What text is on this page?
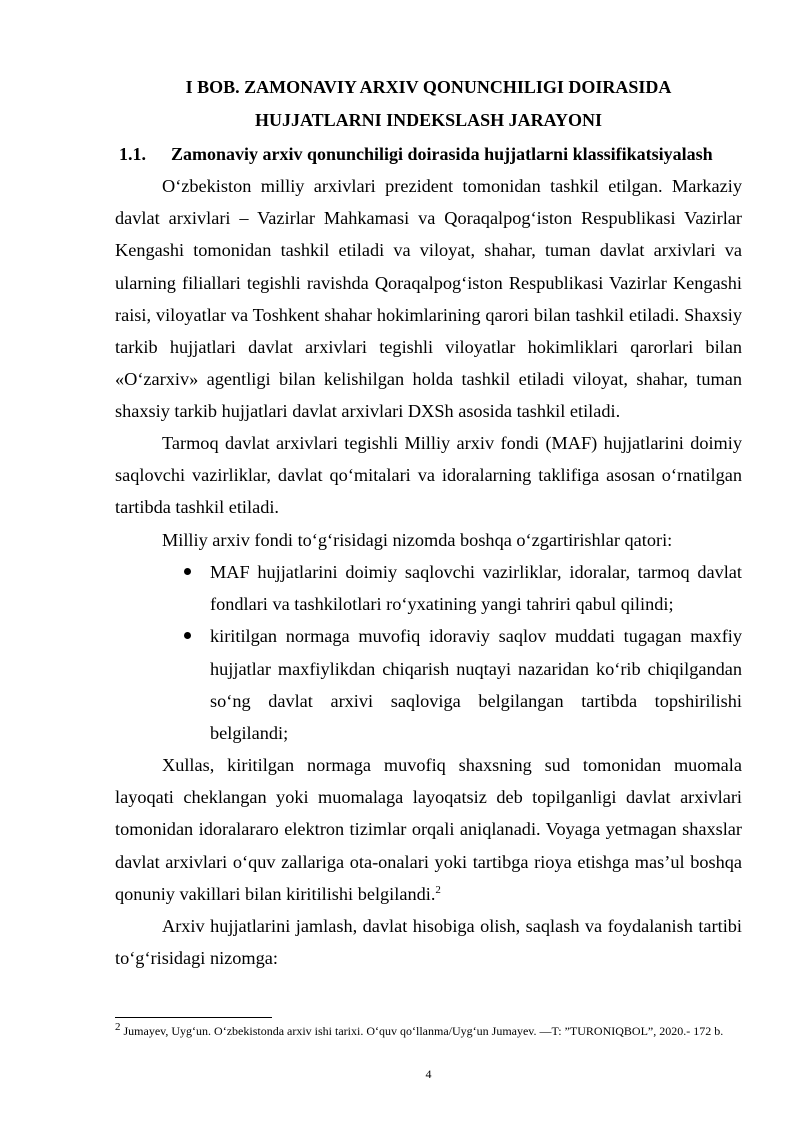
I BOB. ZAMONAVIY ARXIV QONUNCHILIGI DOIRASIDA
HUJJATLARNI INDEKSLASH JARAYONI
1.1. Zamonaviy arxiv qonunchiligi doirasida hujjatlarni klassifikatsiyalash

O‘zbekiston milliy arxivlari prezident tomonidan tashkil etilgan. Markaziy davlat arxivlari – Vazirlar Mahkamasi va Qoraqalpog‘iston Respublikasi Vazirlar Kengashi tomonidan tashkil etiladi va viloyat, shahar, tuman davlat arxivlari va ularning filiallari tegishli ravishda Qoraqalpog‘iston Respublikasi Vazirlar Kengashi raisi, viloyatlar va Toshkent shahar hokimlarining qarori bilan tashkil etiladi. Shaxsiy tarkib hujjatlari davlat arxivlari tegishli viloyatlar hokimliklari qarorlari bilan «O‘zarxiv» agentligi bilan kelishilgan holda tashkil etiladi viloyat, shahar, tuman shaxsiy tarkib hujjatlari davlat arxivlari DXSh asosida tashkil etiladi.

Tarmoq davlat arxivlari tegishli Milliy arxiv fondi (MAF) hujjatlarini doimiy saqlovchi vazirliklar, davlat qo‘mitalari va idoralarning taklifiga asosan o‘rnatilgan tartibda tashkil etiladi.

Milliy arxiv fondi to‘g‘risidagi nizomda boshqa o‘zgartirishlar qatori:

MAF hujjatlarini doimiy saqlovchi vazirliklar, idoralar, tarmoq davlat fondlari va tashkilotlari ro‘yxatining yangi tahriri qabul qilindi;
kiritilgan normaga muvofiq idoraviy saqlov muddati tugagan maxfiy hujjatlar maxfiylikdan chiqarish nuqtayi nazaridan ko‘rib chiqilgandan so‘ng davlat arxivi saqloviga belgilangan tartibda topshirilishi belgilandi;

Xullas, kiritilgan normaga muvofiq shaxsning sud tomonidan muomala layoqati cheklangan yoki muomalaga layoqatsiz deb topilganligi davlat arxivlari tomonidan idoralararo elektron tizimlar orqali aniqlanadi. Voyaga yetmagan shaxslar davlat arxivlari o‘quv zallariga ota-onalari yoki tartibga rioya etishga mas’ul boshqa qonuniy vakillari bilan kiritilishi belgilandi.$^2$

Arxiv hujjatlarini jamlash, davlat hisobiga olish, saqlash va foydalanish tartibi to‘g‘risidagi nizomga:

$^2$ Jumayev, Uyg‘un. O‘zbekistonda arxiv ishi tarixi. O‘quv qo‘llanma/Uyg‘un Jumayev. —T: ”TURONIQBOL”, 2020.- 172 b.

4
